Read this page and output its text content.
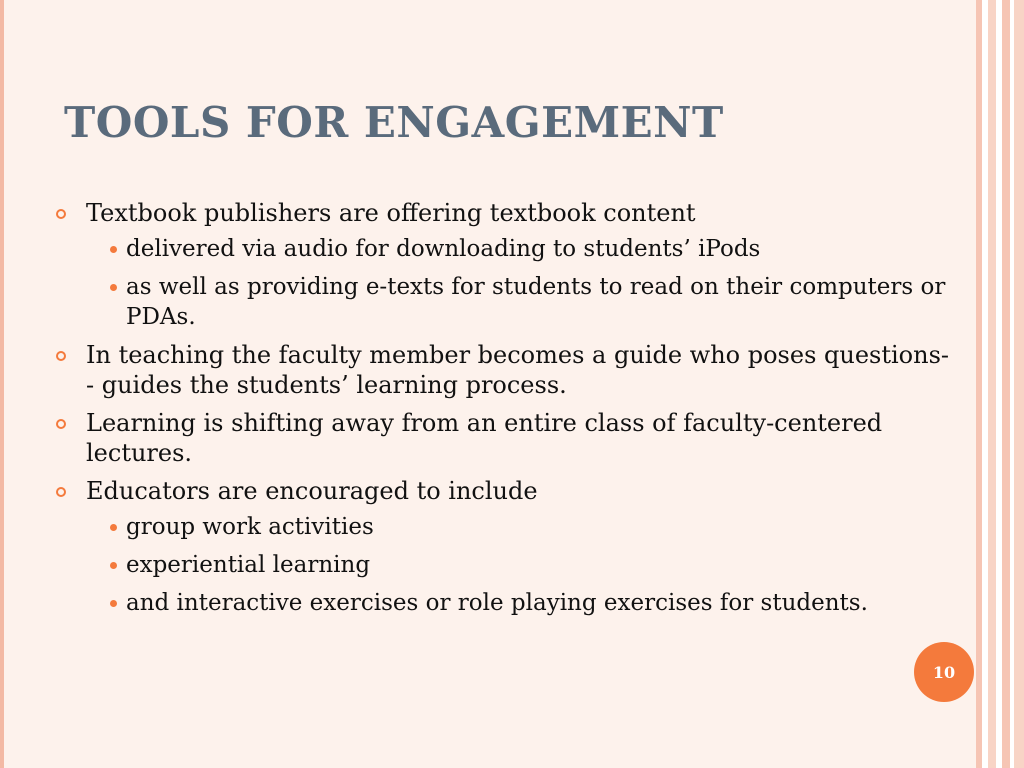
TOOLS FOR ENGAGEMENT
Textbook publishers are offering textbook content
delivered via audio for downloading to students’ iPods
as well as providing e-texts for students to read on their computers or PDAs.
In teaching the faculty member becomes a guide who poses questions-- guides the students’ learning process.
Learning is shifting away from an entire class of faculty-centered lectures.
Educators are encouraged to include
group work activities
experiential learning
and interactive exercises or role playing exercises for students.
10
